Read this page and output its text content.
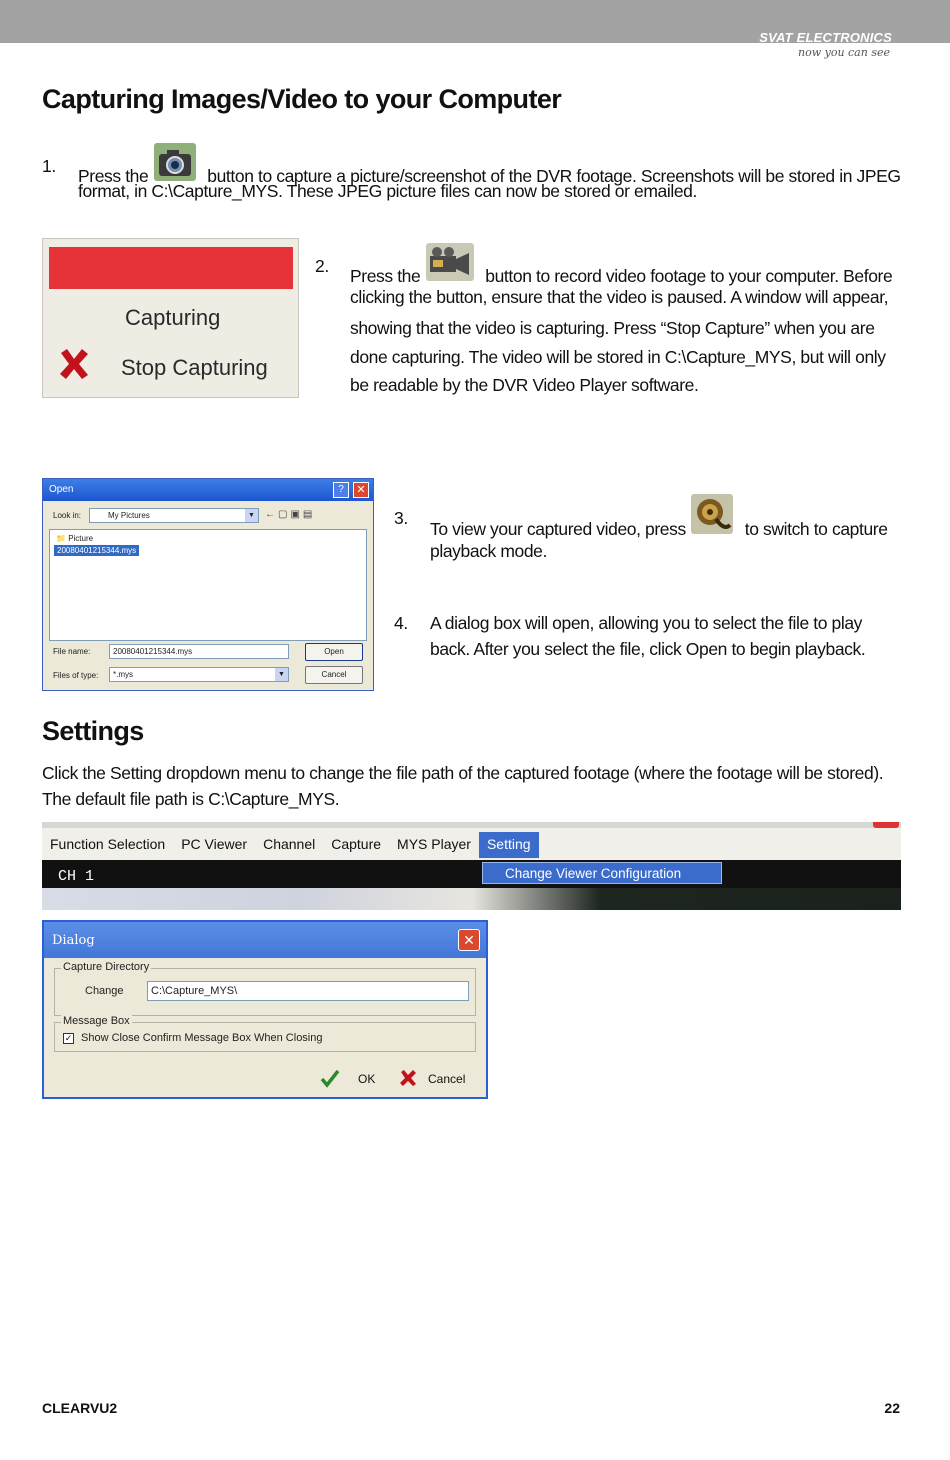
SVAT ELECTRONICS
now you can see
Capturing Images/Video to your Computer
1.
Press the	button to capture a picture/screenshot of the DVR footage. Screenshots will be stored in JPEG
format, in C:\Capture_MYS. These JPEG picture files can now be stored or emailed.
Capturing
Stop Capturing
2.
Press the	button to record video footage to your computer. Before
clicking the button, ensure that the video is paused. A window will appear,
showing that the video is capturing. Press “Stop Capture” when you are
done capturing. The video will be stored in C:\Capture_MYS, but will only
be readable by the DVR Video Player software.
Open	?	✕
Look in:	My Pictures	▼	←▢▣▤
📁 Picture
20080401215344.mys
File name:	20080401215344.mys
Files of type:	*.mys	▼
Open
Cancel
3.
To view your captured video, press	to switch to capture
playback mode.
4. A dialog box will open, allowing you to select the file to play
back. After you select the file, click Open to begin playback.
Settings
Click the Setting dropdown menu to change the file path of the captured footage (where the footage will be stored).
The default file path is C:\Capture_MYS.
Function Selection	PC Viewer	Channel	Capture	MYS Player	Setting
CH 1	Change Viewer Configuration
Dialog	✕
Capture Directory
Change	C:\Capture_MYS\
Message Box
✓ Show Close Confirm Message Box When Closing
OK	Cancel
CLEARVU2	22
